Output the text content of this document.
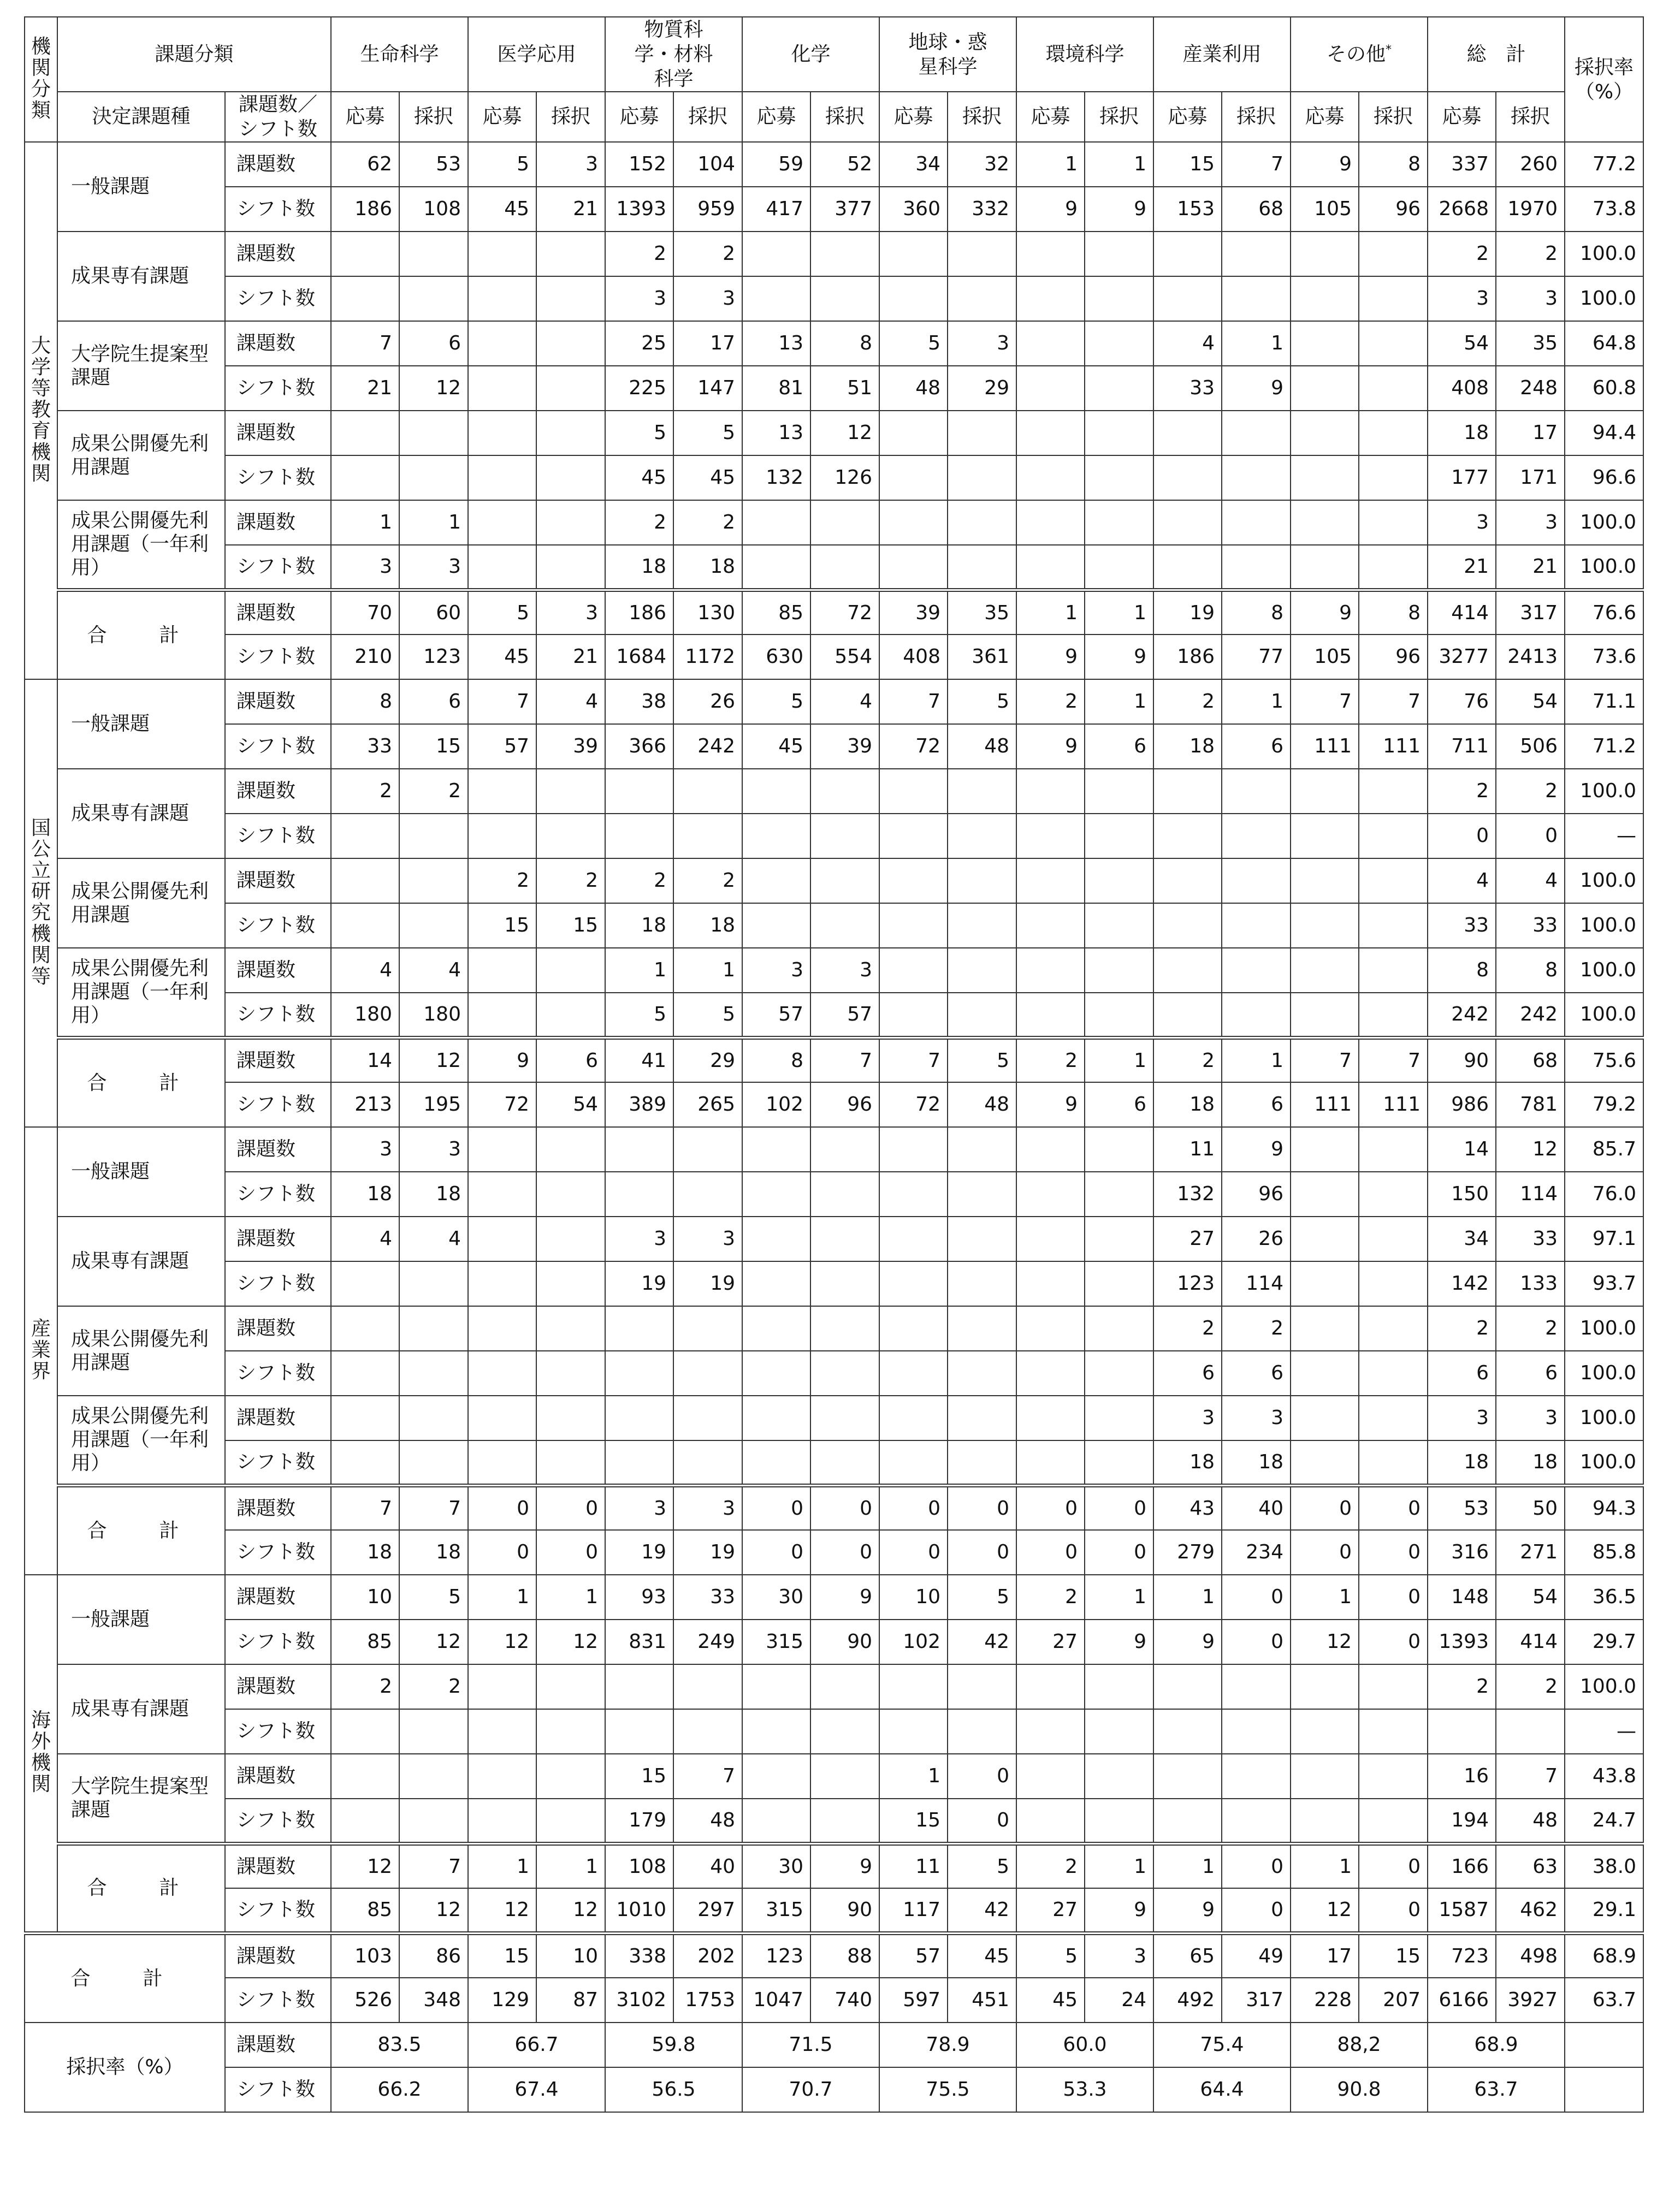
機関分類	課題分類		生命科学		医学応用		物質科学・材料科学		化学		地球・惑星科学		環境科学		産業利用		その他*		総　計		採択率（%）
	決定課題種	課題数／シフト数	応募	採択	応募	採択	応募	採択	応募	採択	応募	採択	応募	採択	応募	採択	応募	採択	応募	採択	
大学等教育機関	一般課題	課題数	62	53	5	3	152	104	59	52	34	32	1	1	15	7	9	8	337	260	77.2
		シフト数	186	108	45	21	1393	959	417	377	360	332	9	9	153	68	105	96	2668	1970	73.8
	成果専有課題	課題数					2	2											2	2	100.0
		シフト数					3	3											3	3	100.0
	大学院生提案型課題	課題数	7	6			25	17	13	8	5	3			4	1			54	35	64.8
		シフト数	21	12			225	147	81	51	48	29			33	9			408	248	60.8
	成果公開優先利用課題	課題数					5	5	13	12									18	17	94.4
		シフト数					45	45	132	126									177	171	96.6
	成果公開優先利用課題（一年利用）	課題数	1	1			2	2											3	3	100.0
		シフト数	3	3			18	18											21	21	100.0
	合　計	課題数	70	60	5	3	186	130	85	72	39	35	1	1	19	8	9	8	414	317	76.6
		シフト数	210	123	45	21	1684	1172	630	554	408	361	9	9	186	77	105	96	3277	2413	73.6
国公立研究機関等	一般課題	課題数	8	6	7	4	38	26	5	4	7	5	2	1	2	1	7	7	76	54	71.1
		シフト数	33	15	57	39	366	242	45	39	72	48	9	6	18	6	111	111	711	506	71.2
	成果専有課題	課題数	2	2															2	2	100.0
		シフト数																	0	0	—
	成果公開優先利用課題	課題数			2	2	2	2											4	4	100.0
		シフト数			15	15	18	18											33	33	100.0
	成果公開優先利用課題（一年利用）	課題数	4	4			1	1	3	3									8	8	100.0
		シフト数	180	180			5	5	57	57									242	242	100.0
	合　計	課題数	14	12	9	6	41	29	8	7	7	5	2	1	2	1	7	7	90	68	75.6
		シフト数	213	195	72	54	389	265	102	96	72	48	9	6	18	6	111	111	986	781	79.2
産業界	一般課題	課題数	3	3											11	9			14	12	85.7
		シフト数	18	18											132	96			150	114	76.0
	成果専有課題	課題数	4	4			3	3							27	26			34	33	97.1
		シフト数					19	19							123	114			142	133	93.7
	成果公開優先利用課題	課題数													2	2			2	2	100.0
		シフト数													6	6			6	6	100.0
	成果公開優先利用課題（一年利用）	課題数													3	3			3	3	100.0
		シフト数													18	18			18	18	100.0
	合　計	課題数	7	7	0	0	3	3	0	0	0	0	0	0	43	40	0	0	53	50	94.3
		シフト数	18	18	0	0	19	19	0	0	0	0	0	0	279	234	0	0	316	271	85.8
海外機関	一般課題	課題数	10	5	1	1	93	33	30	9	10	5	2	1	1	0	1	0	148	54	36.5
		シフト数	85	12	12	12	831	249	315	90	102	42	27	9	9	0	12	0	1393	414	29.7
	成果専有課題	課題数	2	2															2	2	100.0
		シフト数																			—
	大学院生提案型課題	課題数					15	7			1	0							16	7	43.8
		シフト数					179	48			15	0							194	48	24.7
	合　計	課題数	12	7	1	1	108	40	30	9	11	5	2	1	1	0	1	0	166	63	38.0
		シフト数	85	12	12	12	1010	297	315	90	117	42	27	9	9	0	12	0	1587	462	29.1
合　計		課題数	103	86	15	10	338	202	123	88	57	45	5	3	65	49	17	15	723	498	68.9
		シフト数	526	348	129	87	3102	1753	1047	740	597	451	45	24	492	317	228	207	6166	3927	63.7
採択率（%）		課題数	83.5		66.7		59.8		71.5		78.9		60.0		75.4		88,2		68.9		
		シフト数	66.2		67.4		56.5		70.7		75.5		53.3		64.4		90.8		63.7		
